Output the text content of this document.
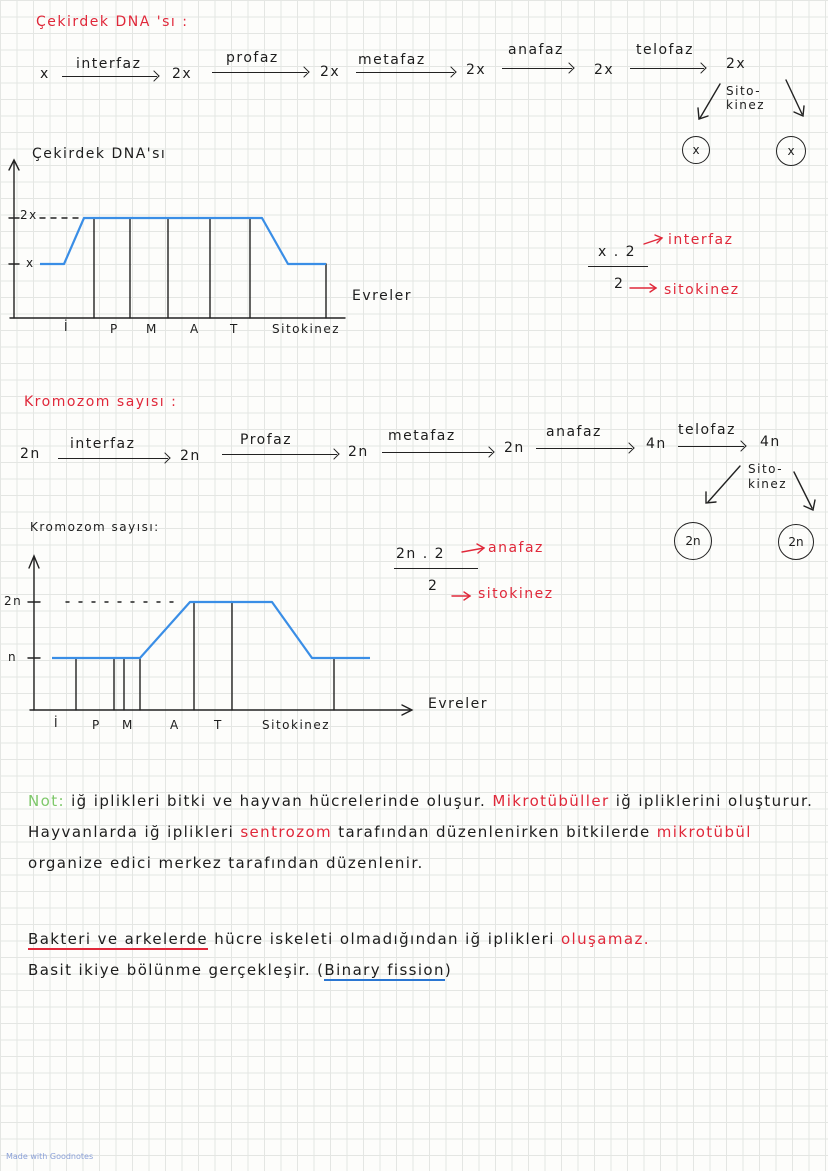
Çekirdek DNA 'sı :
x
interfaz
2x
profaz
2x
metafaz
2x
anafaz
2x
telofaz
2x
Sito-
kinez
x	x
Çekirdek DNA'sı
2x
x
Evreler
İ	P M	A	T	Sitokinez
x . 2
2
interfaz
sitokinez
Kromozom sayısı :
2n
interfaz
2n
Profaz
2n
metafaz
2n
anafaz
4n
telofaz
4n
Sito-
kinez
2n	2n
Kromozom sayısı:
2n
n
Evreler
İ	P M	A	T	Sitokinez
2n . 2
2
anafaz
sitokinez
Not: iğ iplikleri bitki ve hayvan hücrelerinde oluşur. Mikrotübüller iğ ipliklerini oluşturur. Hayvanlarda iğ iplikleri sentrozom tarafından düzenlenirken bitkilerde mikrotübül organize edici merkez tarafından düzenlenir.
Bakteri ve arkelerde hücre iskeleti olmadığından iğ iplikleri oluşamaz.
Basit ikiye bölünme gerçekleşir. (Binary fission)
Made with Goodnotes
